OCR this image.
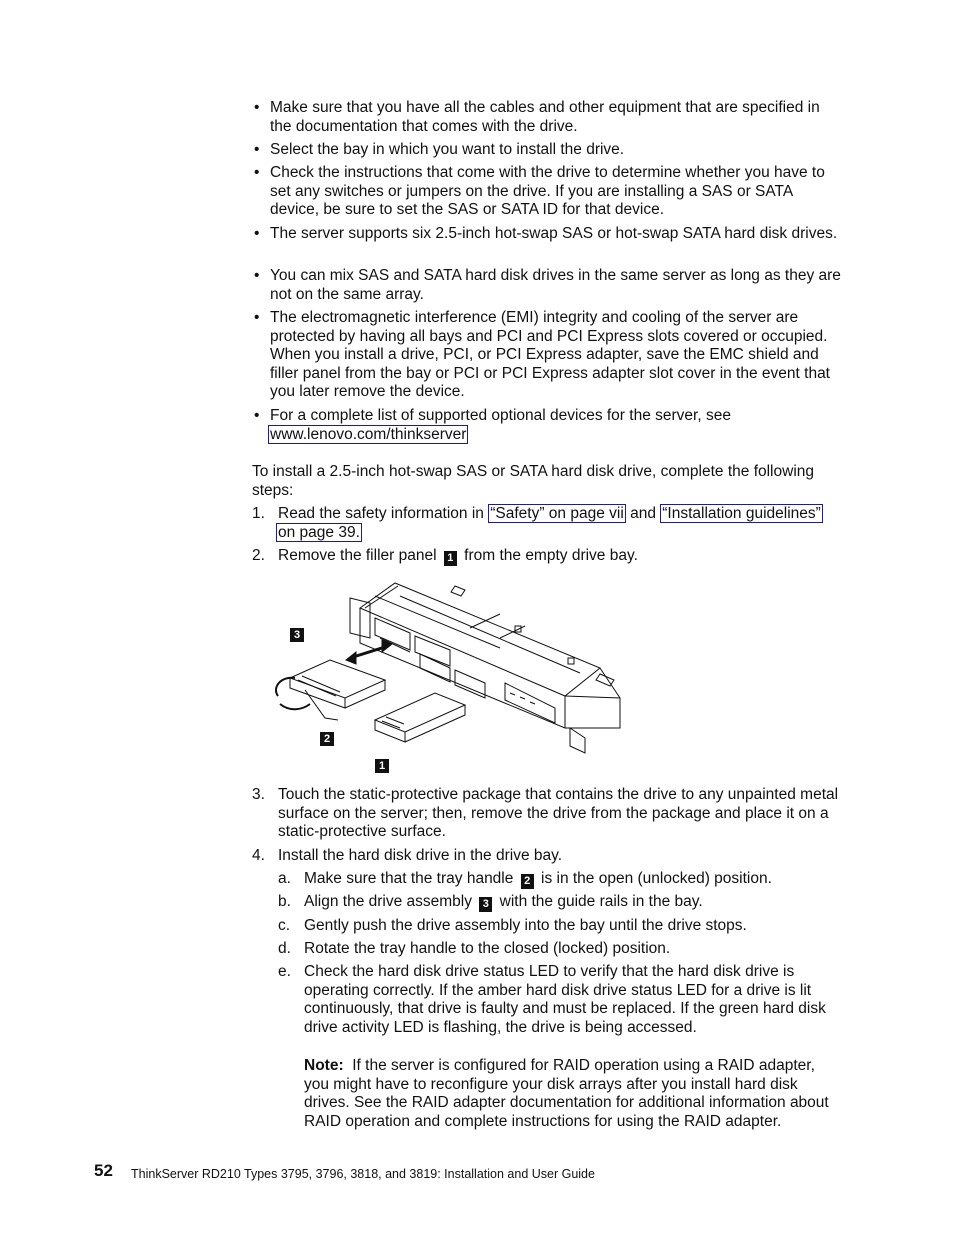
• Make sure that you have all the cables and other equipment that are specified in the documentation that comes with the drive.
• Select the bay in which you want to install the drive.
• Check the instructions that come with the drive to determine whether you have to set any switches or jumpers on the drive. If you are installing a SAS or SATA device, be sure to set the SAS or SATA ID for that device.
• The server supports six 2.5-inch hot-swap SAS or hot-swap SATA hard disk drives.
• You can mix SAS and SATA hard disk drives in the same server as long as they are not on the same array.
• The electromagnetic interference (EMI) integrity and cooling of the server are protected by having all bays and PCI and PCI Express slots covered or occupied. When you install a drive, PCI, or PCI Express adapter, save the EMC shield and filler panel from the bay or PCI or PCI Express adapter slot cover in the event that you later remove the device.
• For a complete list of supported optional devices for the server, see
www.lenovo.com/thinkserver
To install a 2.5-inch hot-swap SAS or SATA hard disk drive, complete the following steps:
1. Read the safety information in “Safety” on page vii and “Installation guidelines”
on page 39.
2. Remove the filler panel 1 from the empty drive bay.
3
2
1
3. Touch the static-protective package that contains the drive to any unpainted metal surface on the server; then, remove the drive from the package and place it on a static-protective surface.
4. Install the hard disk drive in the drive bay.
a. Make sure that the tray handle 2 is in the open (unlocked) position.
b. Align the drive assembly 3 with the guide rails in the bay.
c. Gently push the drive assembly into the bay until the drive stops.
d. Rotate the tray handle to the closed (locked) position.
e. Check the hard disk drive status LED to verify that the hard disk drive is operating correctly. If the amber hard disk drive status LED for a drive is lit continuously, that drive is faulty and must be replaced. If the green hard disk drive activity LED is flashing, the drive is being accessed.
Note: If the server is configured for RAID operation using a RAID adapter, you might have to reconfigure your disk arrays after you install hard disk drives. See the RAID adapter documentation for additional information about RAID operation and complete instructions for using the RAID adapter.
52 ThinkServer RD210 Types 3795, 3796, 3818, and 3819: Installation and User Guide
